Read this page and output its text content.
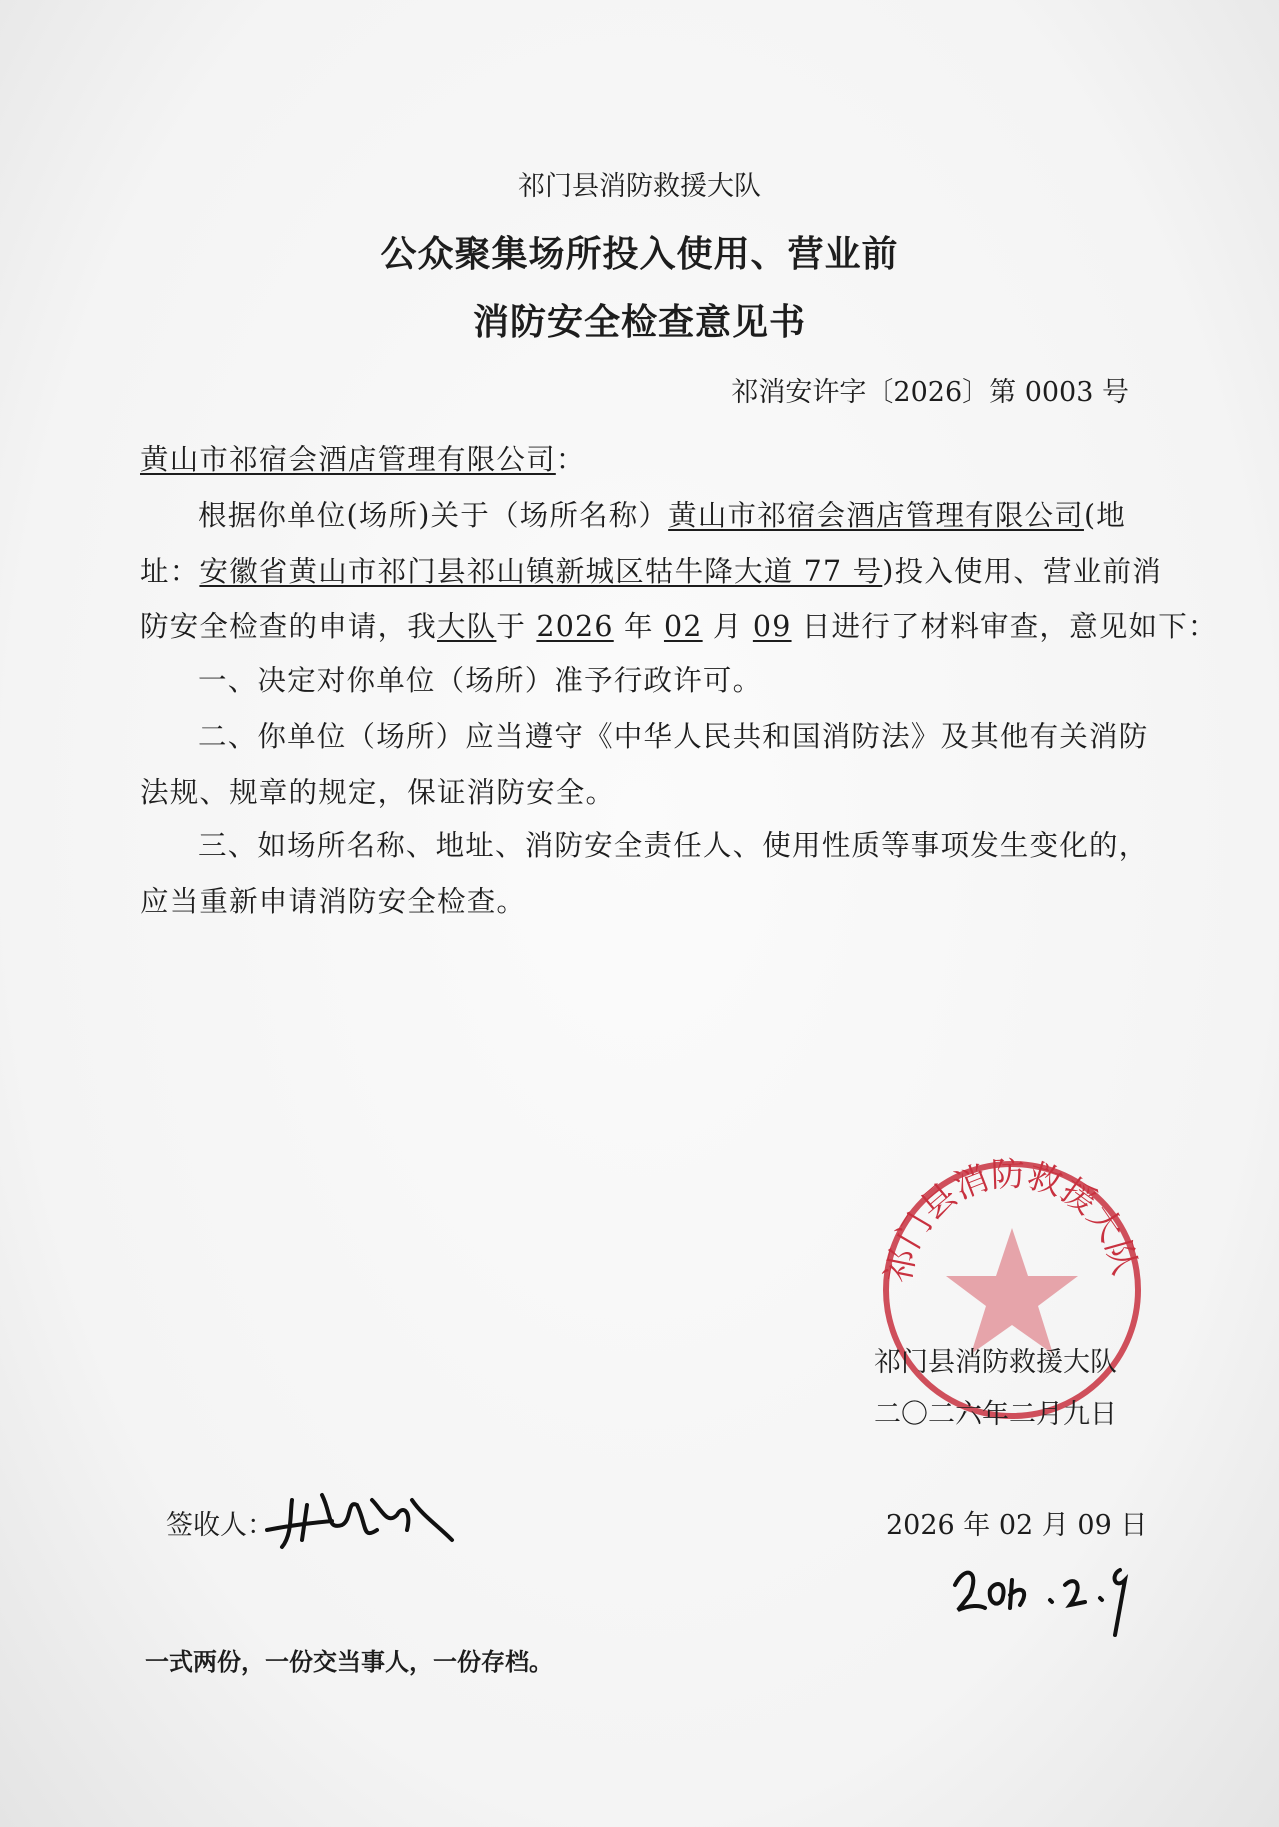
祁门县消防救援大队
公众聚集场所投入使用、营业前
消防安全检查意见书
祁消安许字〔2026〕第 0003 号
黄山市祁宿会酒店管理有限公司：
根据你单位(场所)关于（场所名称）黄山市祁宿会酒店管理有限公司(地
址：安徽省黄山市祁门县祁山镇新城区牯牛降大道 77 号)投入使用、营业前消
防安全检查的申请，我大队于 2026 年 02 月 09 日进行了材料审查，意见如下：
一、决定对你单位（场所）准予行政许可。
二、你单位（场所）应当遵守《中华人民共和国消防法》及其他有关消防
法规、规章的规定，保证消防安全。
三、如场所名称、地址、消防安全责任人、使用性质等事项发生变化的，
应当重新申请消防安全检查。
祁门县消防救援大队
祁门县消防救援大队
二〇二六年二月九日
签收人：	2026 年 02 月 09 日
一式两份，一份交当事人，一份存档。
